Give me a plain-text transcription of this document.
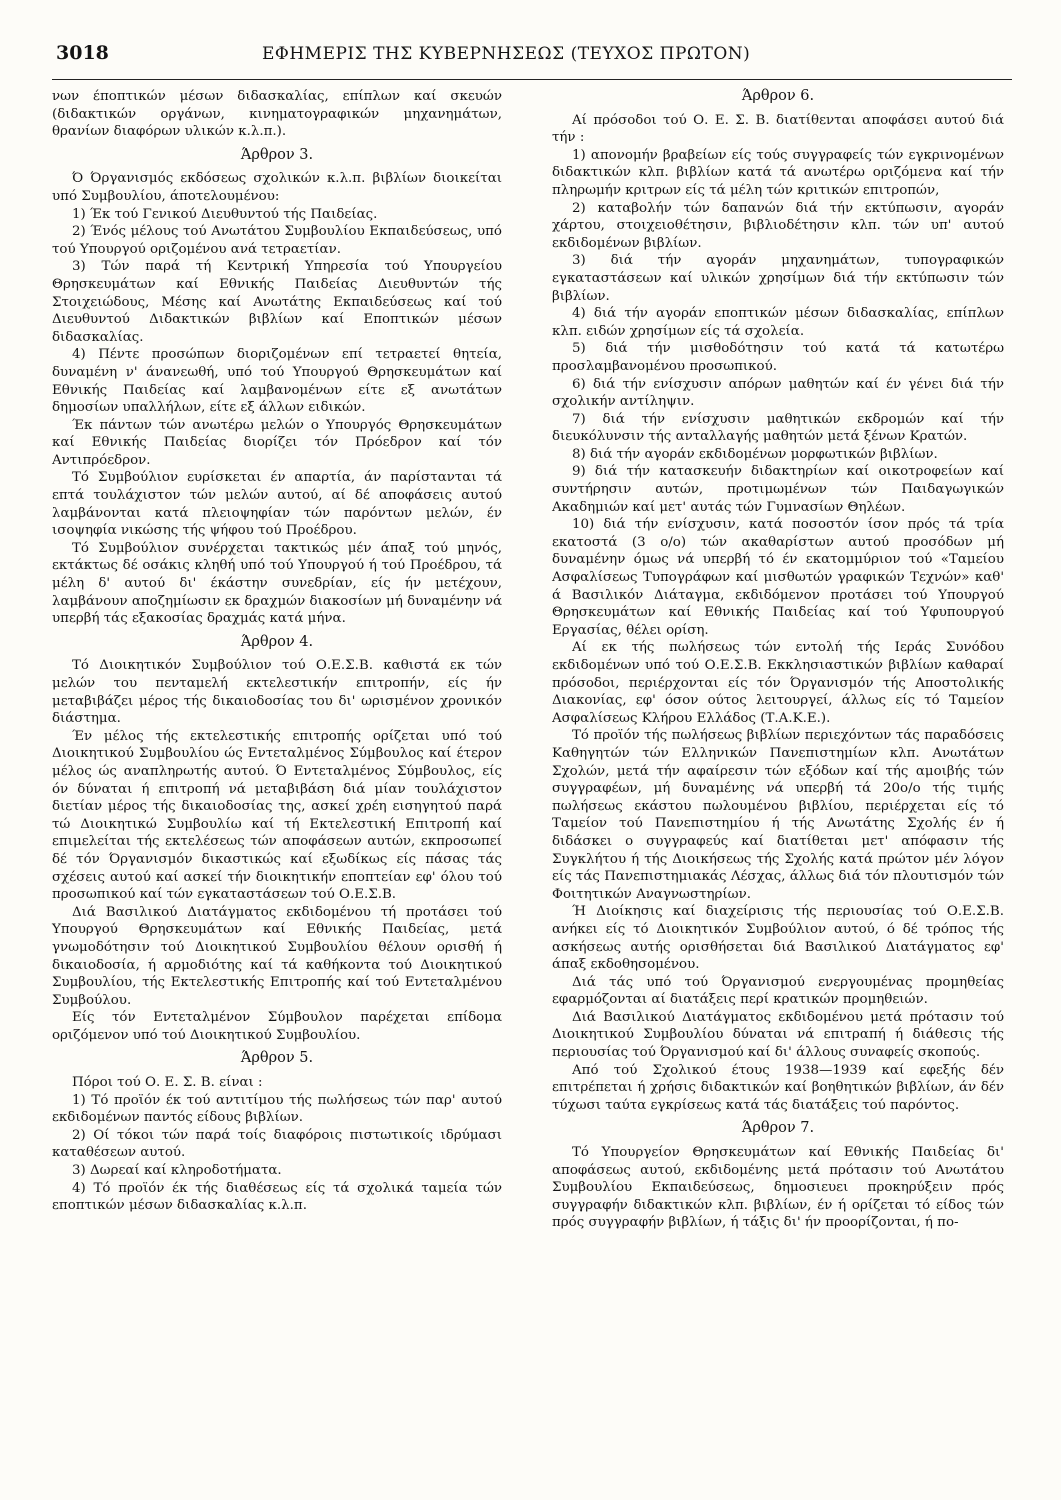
3018	ΕΦΗΜΕΡΙΣ ΤΗΣ ΚΥΒΕΡΝΗΣΕΩΣ (ΤΕΥΧΟΣ ΠΡΩΤΟΝ)

νων έποπτικών μέσων διδασκαλίας, επίπλων καί σκευών (διδακτικών οργάνων, κινηματογραφικών μηχανημάτων, θρανίων διαφόρων υλικών κ.λ.π.).

Άρθρον 3.

Ό Όργανισμός εκδόσεως σχολικών κ.λ.π. βιβλίων διοικείται υπό Συμβουλίου, άποτελουμένου:

1) Έκ τού Γενικού Διευθυντού τής Παιδείας.

2) Ένός μέλους τού Ανωτάτου Συμβουλίου Εκπαιδεύσεως, υπό τού Υπουργού οριζομένου ανά τετραετίαν.

3) Τών παρά τή Κεντρική Υπηρεσία τού Υπουργείου Θρησκευμάτων καί Εθνικής Παιδείας Διευθυντών τής Στοιχειώδους, Μέσης καί Ανωτάτης Εκπαιδεύσεως καί τού Διευθυντού Διδακτικών βιβλίων καί Εποπτικών μέσων διδασκαλίας.

4) Πέντε προσώπων διοριζομένων επί τετραετεί θητεία, δυναμένη ν' άνανεωθή, υπό τού Υπουργού Θρησκευμάτων καί Εθνικής Παιδείας καί λαμβανομένων είτε εξ ανωτάτων δημοσίων υπαλλήλων, είτε εξ άλλων ειδικών.

Έκ πάντων τών ανωτέρω μελών ο Υπουργός Θρησκευμάτων καί Εθνικής Παιδείας διορίζει τόν Πρόεδρον καί τόν Αντιπρόεδρον.

Τό Συμβούλιον ευρίσκεται έν απαρτία, άν παρίστανται τά επτά τουλάχιστον τών μελών αυτού, αί δέ αποφάσεις αυτού λαμβάνονται κατά πλειοψηφίαν τών παρόντων μελών, έν ισοψηφία νικώσης τής ψήφου τού Προέδρου.

Τό Συμβούλιον συνέρχεται τακτικώς μέν άπαξ τού μηνός, εκτάκτως δέ οσάκις κληθή υπό τού Υπουργού ή τού Προέδρου, τά μέλη δ' αυτού δι' έκάστην συνεδρίαν, είς ήν μετέχουν, λαμβάνουν αποζημίωσιν εκ δραχμών διακοσίων μή δυναμένην νά υπερβή τάς εξακοσίας δραχμάς κατά μήνα.

Άρθρον 4.

Τό Διοικητικόν Συμβούλιον τού Ο.Ε.Σ.Β. καθιστά εκ τών μελών του πενταμελή εκτελεστικήν επιτροπήν, είς ήν μεταβιβάζει μέρος τής δικαιοδοσίας του δι' ωρισμένον χρονικόν διάστημα.

Έν μέλος τής εκτελεστικής επιτροπής ορίζεται υπό τού Διοικητικού Συμβουλίου ώς Εντεταλμένος Σύμβουλος καί έτερον μέλος ώς αναπληρωτής αυτού. Ό Εντεταλμένος Σύμβουλος, είς όν δύναται ή επιτροπή νά μεταβιβάση διά μίαν τουλάχιστον διετίαν μέρος τής δικαιοδοσίας της, ασκεί χρέη εισηγητού παρά τώ Διοικητικώ Συμβουλίω καί τή Εκτελεστική Επιτροπή καί επιμελείται τής εκτελέσεως τών αποφάσεων αυτών, εκπροσωπεί δέ τόν Όργανισμόν δικαστικώς καί εξωδίκως είς πάσας τάς σχέσεις αυτού καί ασκεί τήν διοικητικήν εποπτείαν εφ' όλου τού προσωπικού καί τών εγκαταστάσεων τού Ο.Ε.Σ.Β.

Διά Βασιλικού Διατάγματος εκδιδομένου τή προτάσει τού Υπουργού Θρησκευμάτων καί Εθνικής Παιδείας, μετά γνωμοδότησιν τού Διοικητικού Συμβουλίου θέλουν ορισθή ή δικαιοδοσία, ή αρμοδιότης καί τά καθήκοντα τού Διοικητικού Συμβουλίου, τής Εκτελεστικής Επιτροπής καί τού Εντεταλμένου Συμβούλου.

Είς τόν Εντεταλμένον Σύμβουλον παρέχεται επίδομα οριζόμενον υπό τού Διοικητικού Συμβουλίου.

Άρθρον 5.

Πόροι τού Ο. Ε. Σ. Β. είναι :

1) Τό προϊόν έκ τού αντιτίμου τής πωλήσεως τών παρ' αυτού εκδιδομένων παντός είδους βιβλίων.

2) Οί τόκοι τών παρά τοίς διαφόροις πιστωτικοίς ιδρύμασι καταθέσεων αυτού.

3) Δωρεαί καί κληροδοτήματα.

4) Τό προϊόν έκ τής διαθέσεως είς τά σχολικά ταμεία τών εποπτικών μέσων διδασκαλίας κ.λ.π.

Άρθρον 6.

Αί πρόσοδοι τού Ο. Ε. Σ. Β. διατίθενται αποφάσει αυτού διά τήν :

1) απονομήν βραβείων είς τούς συγγραφείς τών εγκρινομένων διδακτικών κλπ. βιβλίων κατά τά ανωτέρω οριζόμενα καί τήν πληρωμήν κριτρων είς τά μέλη τών κριτικών επιτροπών,

2) καταβολήν τών δαπανών διά τήν εκτύπωσιν, αγοράν χάρτου, στοιχειοθέτησιν, βιβλιοδέτησιν κλπ. τών υπ' αυτού εκδιδομένων βιβλίων.

3) διά τήν αγοράν μηχανημάτων, τυπογραφικών εγκαταστάσεων καί υλικών χρησίμων διά τήν εκτύπωσιν τών βιβλίων.

4) διά τήν αγοράν εποπτικών μέσων διδασκαλίας, επίπλων κλπ. ειδών χρησίμων είς τά σχολεία.

5) διά τήν μισθοδότησιν τού κατά τά κατωτέρω προσλαμβανομένου προσωπικού.

6) διά τήν ενίσχυσιν απόρων μαθητών καί έν γένει διά τήν σχολικήν αντίληψιν.

7) διά τήν ενίσχυσιν μαθητικών εκδρομών καί τήν διευκόλυνσιν τής ανταλλαγής μαθητών μετά ξένων Κρατών.

8) διά τήν αγοράν εκδιδομένων μορφωτικών βιβλίων.

9) διά τήν κατασκευήν διδακτηρίων καί οικοτροφείων καί συντήρησιν αυτών, προτιμωμένων τών Παιδαγωγικών Ακαδημιών καί μετ' αυτάς τών Γυμνασίων Θηλέων.

10) διά τήν ενίσχυσιν, κατά ποσοστόν ίσον πρός τά τρία εκατοστά (3 ο/ο) τών ακαθαρίστων αυτού προσόδων μή δυναμένην όμως νά υπερβή τό έν εκατομμύριον τού «Ταμείου Ασφαλίσεως Τυπογράφων καί μισθωτών γραφικών Τεχνών» καθ' ά Βασιλικόν Διάταγμα, εκδιδόμενον προτάσει τού Υπουργού Θρησκευμάτων καί Εθνικής Παιδείας καί τού Υφυπουργού Εργασίας, θέλει ορίση.

Αί εκ τής πωλήσεως τών εντολή τής Ιεράς Συνόδου εκδιδομένων υπό τού Ο.Ε.Σ.Β. Εκκλησιαστικών βιβλίων καθαραί πρόσοδοι, περιέρχονται είς τόν Όργανισμόν τής Αποστολικής Διακονίας, εφ' όσον ούτος λειτουργεί, άλλως είς τό Ταμείον Ασφαλίσεως Κλήρου Ελλάδος (Τ.Α.Κ.Ε.).

Τό προϊόν τής πωλήσεως βιβλίων περιεχόντων τάς παραδόσεις Καθηγητών τών Ελληνικών Πανεπιστημίων κλπ. Ανωτάτων Σχολών, μετά τήν αφαίρεσιν τών εξόδων καί τής αμοιβής τών συγγραφέων, μή δυναμένης νά υπερβή τά 20ο/ο τής τιμής πωλήσεως εκάστου πωλουμένου βιβλίου, περιέρχεται είς τό Ταμείον τού Πανεπιστημίου ή τής Ανωτάτης Σχολής έν ή διδάσκει ο συγγραφεύς καί διατίθεται μετ' απόφασιν τής Συγκλήτου ή τής Διοικήσεως τής Σχολής κατά πρώτον μέν λόγον είς τάς Πανεπιστημιακάς Λέσχας, άλλως διά τόν πλουτισμόν τών Φοιτητικών Αναγνωστηρίων.

Ή Διοίκησις καί διαχείρισις τής περιουσίας τού Ο.Ε.Σ.Β. ανήκει είς τό Διοικητικόν Συμβούλιον αυτού, ό δέ τρόπος τής ασκήσεως αυτής ορισθήσεται διά Βασιλικού Διατάγματος εφ' άπαξ εκδοθησομένου.

Διά τάς υπό τού Όργανισμού ενεργουμένας προμηθείας εφαρμόζονται αί διατάξεις περί κρατικών προμηθειών.

Διά Βασιλικού Διατάγματος εκδιδομένου μετά πρότασιν τού Διοικητικού Συμβουλίου δύναται νά επιτραπή ή διάθεσις τής περιουσίας τού Όργανισμού καί δι' άλλους συναφείς σκοπούς.

Από τού Σχολικού έτους 1938—1939 καί εφεξής δέν επιτρέπεται ή χρήσις διδακτικών καί βοηθητικών βιβλίων, άν δέν τύχωσι ταύτα εγκρίσεως κατά τάς διατάξεις τού παρόντος.

Άρθρον 7.

Τό Υπουργείον Θρησκευμάτων καί Εθνικής Παιδείας δι' αποφάσεως αυτού, εκδιδομένης μετά πρότασιν τού Ανωτάτου Συμβουλίου Εκπαιδεύσεως, δημοσιευει προκηρύξειν πρός συγγραφήν διδακτικών κλπ. βιβλίων, έν ή ορίζεται τό είδος τών πρός συγγραφήν βιβλίων, ή τάξις δι' ήν προορίζονται, ή πο-
